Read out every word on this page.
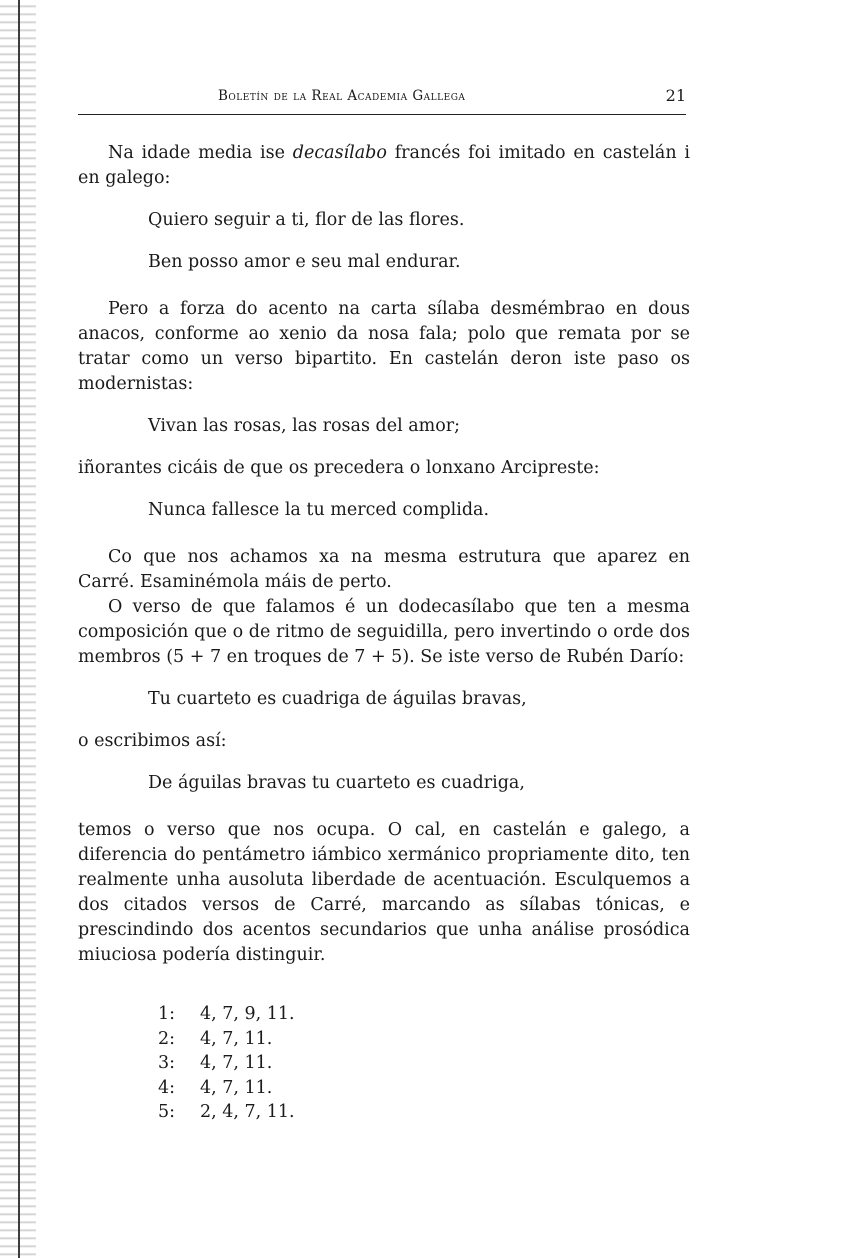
Boletín de la Real Academia Gallega	21

Na idade media ise decasílabo francés foi imitado en castelán i en galego:

Quiero seguir a ti, flor de las flores.

Ben posso amor e seu mal endurar.

Pero a forza do acento na carta sílaba desmémbrao en dous anacos, conforme ao xenio da nosa fala; polo que remata por se tratar como un verso bipartito. En castelán deron iste paso os modernistas:

Vivan las rosas, las rosas del amor;

iñorantes cicáis de que os precedera o lonxano Arcipreste:

Nunca fallesce la tu merced complida.

Co que nos achamos xa na mesma estrutura que aparez en Carré. Esaminémola máis de perto.

O verso de que falamos é un dodecasílabo que ten a mesma composición que o de ritmo de seguidilla, pero invertindo o orde dos membros (5 + 7 en troques de 7 + 5). Se iste verso de Rubén Darío:

Tu cuarteto es cuadriga de águilas bravas,

o escribimos así:

De águilas bravas tu cuarteto es cuadriga,

temos o verso que nos ocupa. O cal, en castelán e galego, a diferencia do pentámetro iámbico xermánico propriamente dito, ten realmente unha ausoluta liberdade de acentuación. Esculquemos a dos citados versos de Carré, marcando as sílabas tónicas, e prescindindo dos acentos secundarios que unha análise prosódica miuciosa podería distinguir.

1:	4, 7, 9, 11.
2:	4, 7, 11.
3:	4, 7, 11.
4:	4, 7, 11.
5:	2, 4, 7, 11.
